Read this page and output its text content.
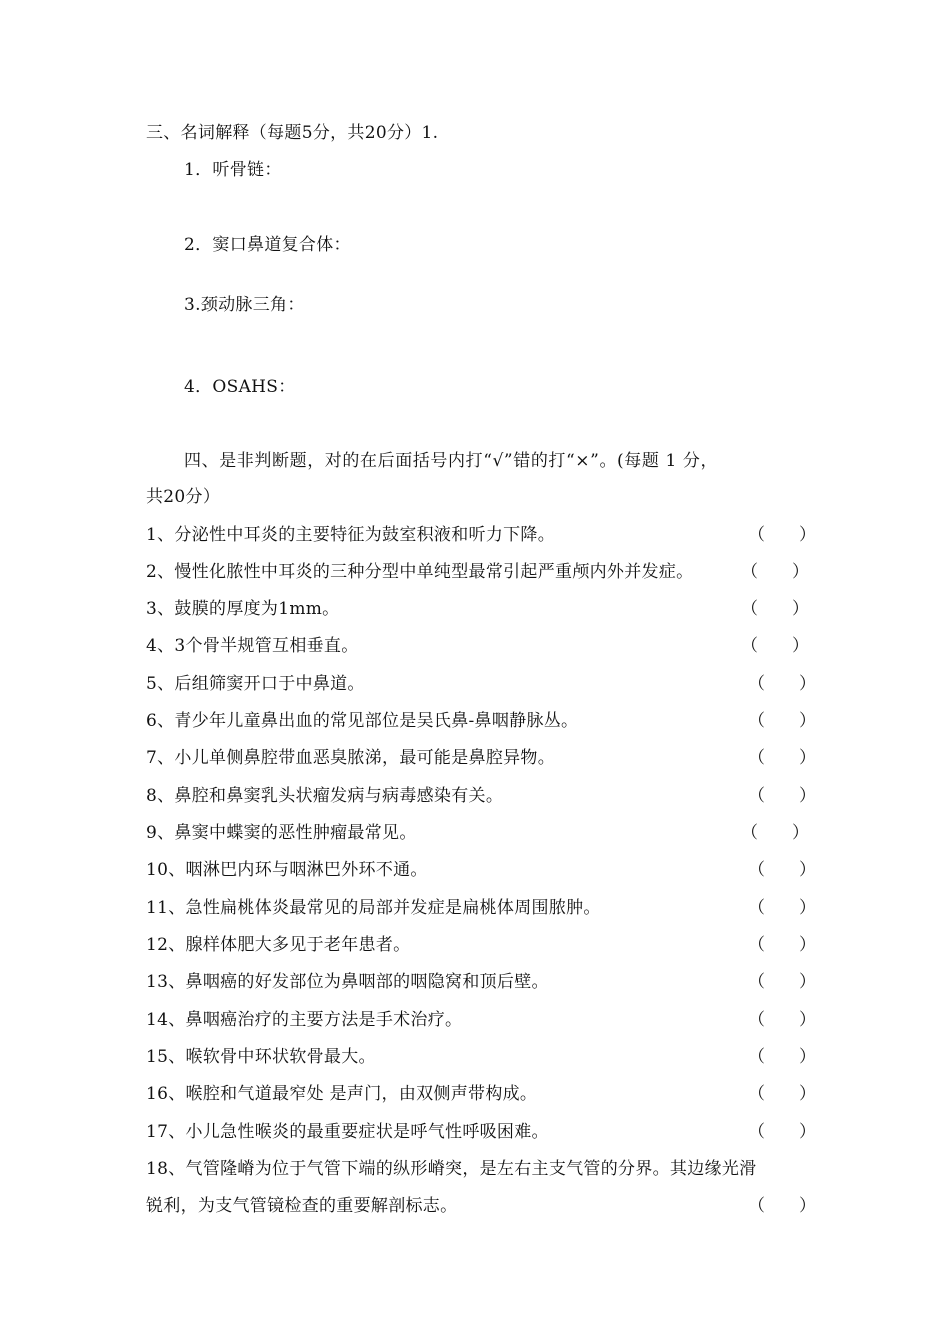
三、名词解释（每题5分，共20分）1.
1．听骨链：
2．窦口鼻道复合体：
3.颈动脉三角：
4．OSAHS：
四、是非判断题，对的在后面括号内打“√”错的打“×”。(每题 1 分，
共20分）
1、分泌性中耳炎的主要特征为鼓室积液和听力下降。	（　　）
2、慢性化脓性中耳炎的三种分型中单纯型最常引起严重颅内外并发症。	（　　）
3、鼓膜的厚度为1mm。	（　　）
4、3个骨半规管互相垂直。	（　　）
5、后组筛窦开口于中鼻道。	（　　）
6、青少年儿童鼻出血的常见部位是吴氏鼻-鼻咽静脉丛。	（　　）
7、小儿单侧鼻腔带血恶臭脓涕，最可能是鼻腔异物。	（　　）
8、鼻腔和鼻窦乳头状瘤发病与病毒感染有关。	（　　）
9、鼻窦中蝶窦的恶性肿瘤最常见。	（　　）
10、咽淋巴内环与咽淋巴外环不通。	（　　）
11、急性扁桃体炎最常见的局部并发症是扁桃体周围脓肿。	（　　）
12、腺样体肥大多见于老年患者。	（　　）
13、鼻咽癌的好发部位为鼻咽部的咽隐窝和顶后壁。	（　　）
14、鼻咽癌治疗的主要方法是手术治疗。	（　　）
15、喉软骨中环状软骨最大。	（　　）
16、喉腔和气道最窄处 是声门，由双侧声带构成。	（　　）
17、小儿急性喉炎的最重要症状是呼气性呼吸困难。	（　　）
18、气管隆嵴为位于气管下端的纵形嵴突，是左右主支气管的分界。其边缘光滑
锐利，为支气管镜检查的重要解剖标志。	（　　）
